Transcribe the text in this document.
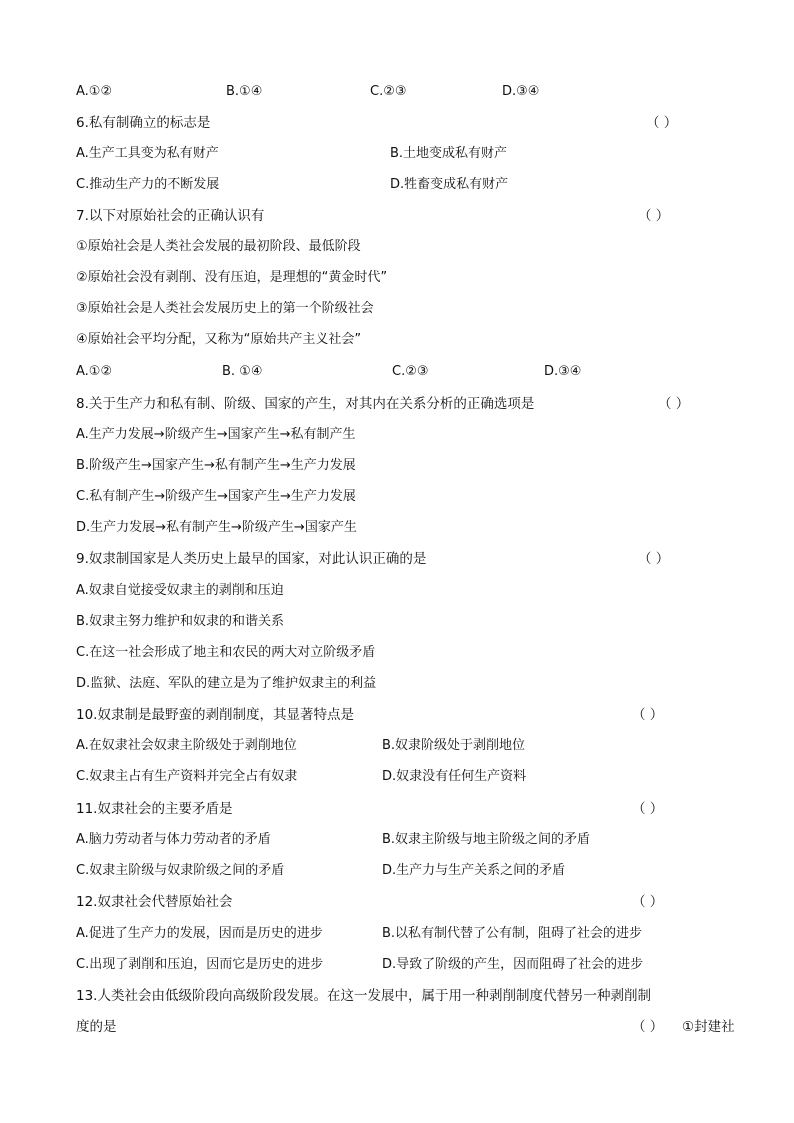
A.①②	B.①④	C.②③	D.③④
6.私有制确立的标志是	（ ）
A.生产工具变为私有财产	B.土地变成私有财产
C.推动生产力的不断发展	D.牲畜变成私有财产
7.以下对原始社会的正确认识有	（ ）
①原始社会是人类社会发展的最初阶段、最低阶段
②原始社会没有剥削、没有压迫，是理想的“黄金时代”
③原始社会是人类社会发展历史上的第一个阶级社会
④原始社会平均分配，又称为“原始共产主义社会”
A.①②	B. ①④	C.②③	D.③④
8.关于生产力和私有制、阶级、国家的产生，对其内在关系分析的正确选项是	（ ）
A.生产力发展→阶级产生→国家产生→私有制产生
B.阶级产生→国家产生→私有制产生→生产力发展
C.私有制产生→阶级产生→国家产生→生产力发展
D.生产力发展→私有制产生→阶级产生→国家产生
9.奴隶制国家是人类历史上最早的国家，对此认识正确的是	（ ）
A.奴隶自觉接受奴隶主的剥削和压迫
B.奴隶主努力维护和奴隶的和谐关系
C.在这一社会形成了地主和农民的两大对立阶级矛盾
D.监狱、法庭、军队的建立是为了维护奴隶主的利益
10.奴隶制是最野蛮的剥削制度，其显著特点是	（ ）
A.在奴隶社会奴隶主阶级处于剥削地位	B.奴隶阶级处于剥削地位
C.奴隶主占有生产资料并完全占有奴隶	D.奴隶没有任何生产资料
11.奴隶社会的主要矛盾是	（ ）
A.脑力劳动者与体力劳动者的矛盾	B.奴隶主阶级与地主阶级之间的矛盾
C.奴隶主阶级与奴隶阶级之间的矛盾	D.生产力与生产关系之间的矛盾
12.奴隶社会代替原始社会	（ ）
A.促进了生产力的发展，因而是历史的进步	B.以私有制代替了公有制，阻碍了社会的进步
C.出现了剥削和压迫，因而它是历史的进步	D.导致了阶级的产生，因而阻碍了社会的进步
13.人类社会由低级阶段向高级阶段发展。在这一发展中，属于用一种剥削制度代替另一种剥削制
度的是	（ ） ①封建社
